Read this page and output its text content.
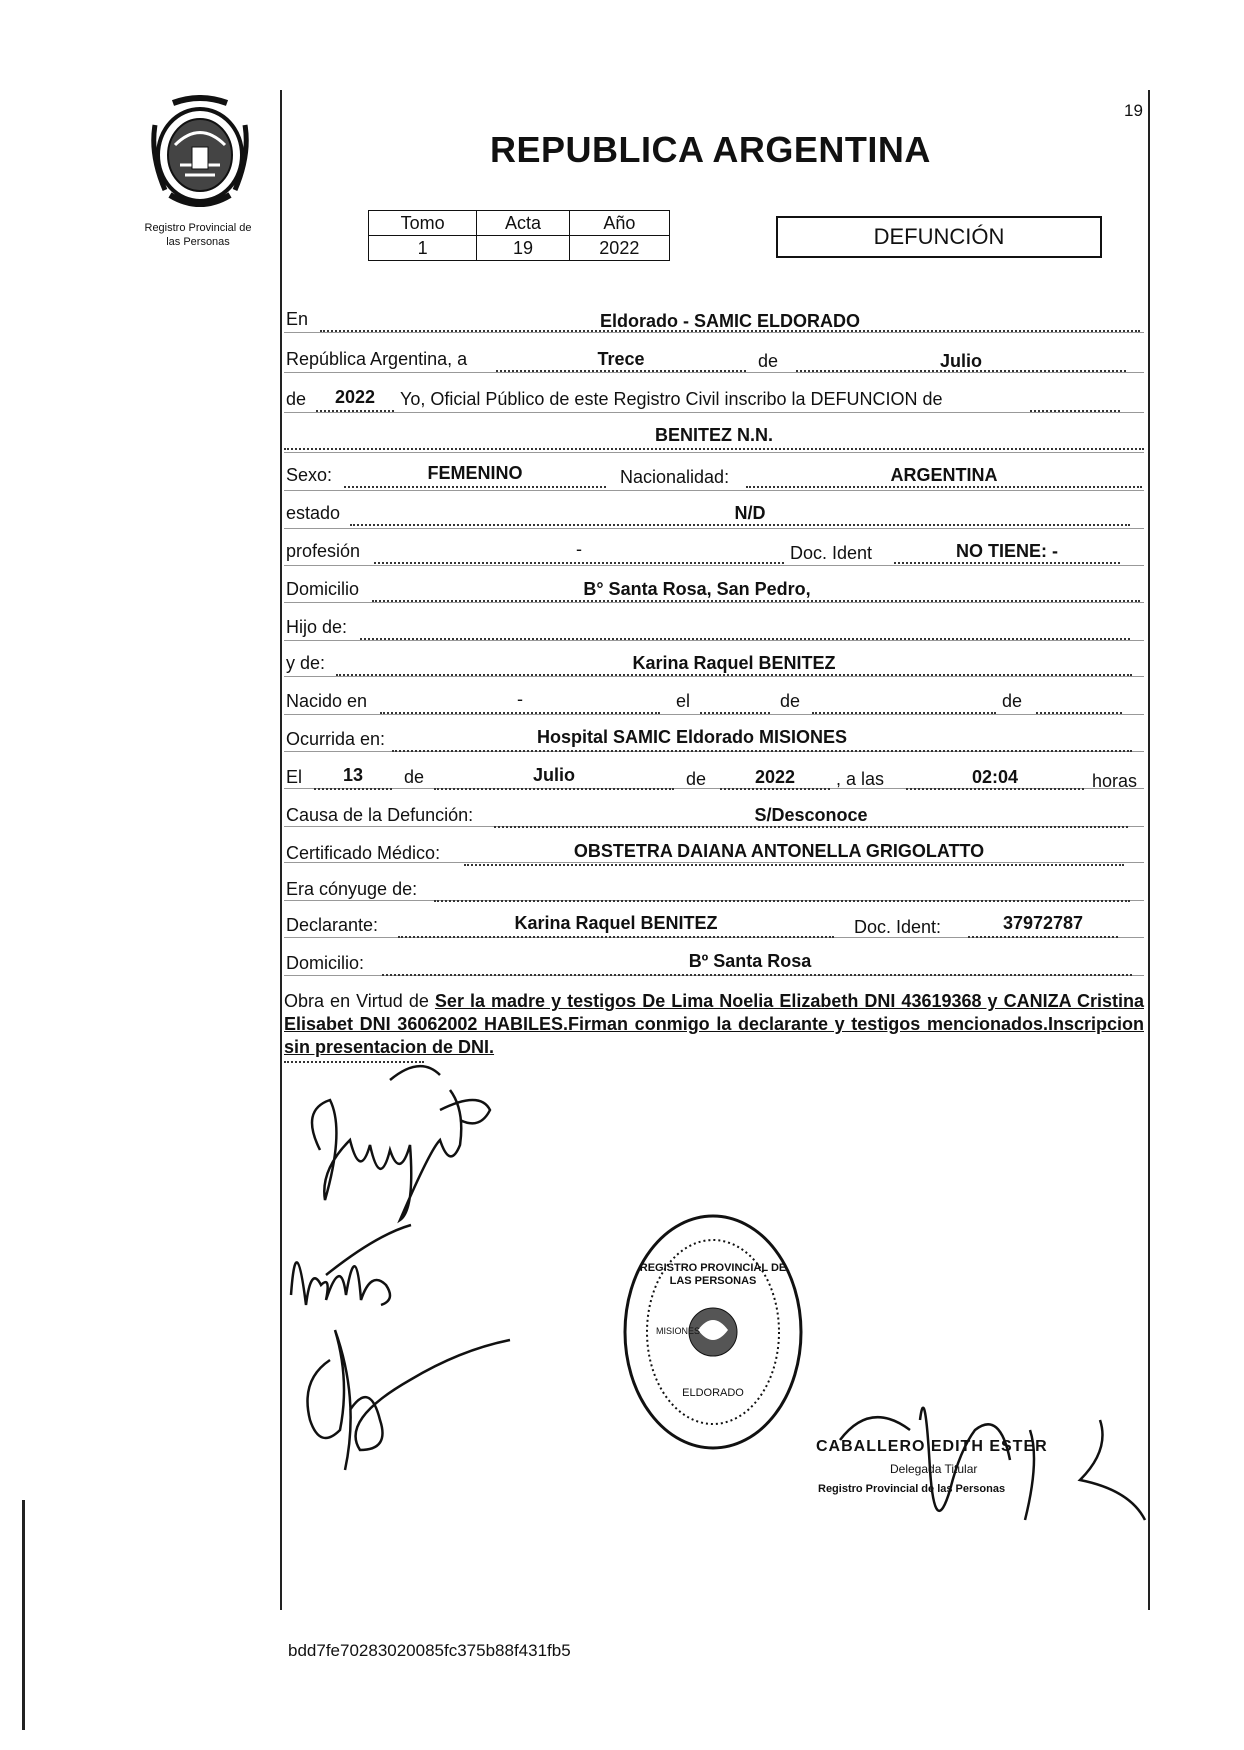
19
Registro Provincial de
las Personas
REPUBLICA ARGENTINA
Tomo	Acta	Año
1	19	2022	DEFUNCIÓN
En	Eldorado - SAMIC ELDORADO
República Argentina, a	Trece	de	Julio
de	2022	Yo, Oficial Público de este Registro Civil inscribo la DEFUNCION de
BENITEZ N.N.
Sexo:	FEMENINO	Nacionalidad:	ARGENTINA
estado	N/D
profesión	-	Doc. Ident	NO TIENE: -
Domicilio	B° Santa Rosa, San Pedro,
Hijo de:
y de:	Karina Raquel BENITEZ
Nacido en	-	el	de	de
Ocurrida en:	Hospital SAMIC Eldorado MISIONES
El	13	de	Julio	de	2022	, a las	02:04	horas
Causa de la Defunción:	S/Desconoce
Certificado Médico:	OBSTETRA DAIANA ANTONELLA GRIGOLATTO
Era cónyuge de:
Declarante:	Karina Raquel BENITEZ	Doc. Ident:	37972787
Domicilio:	Bº Santa Rosa
Obra en Virtud de Ser la madre y testigos De Lima Noelia Elizabeth DNI 43619368 y CANIZA Cristina Elisabet DNI 36062002 HABILES.Firman conmigo la declarante y testigos mencionados.Inscripcion sin presentacion de DNI.
REGISTRO PROVINCIAL DE LAS PERSONAS
ELDORADO
MISIONES
CABALLERO EDITH ESTER
Delegada Titular
Registro Provincial de las Personas
bdd7fe70283020085fc375b88f431fb5
